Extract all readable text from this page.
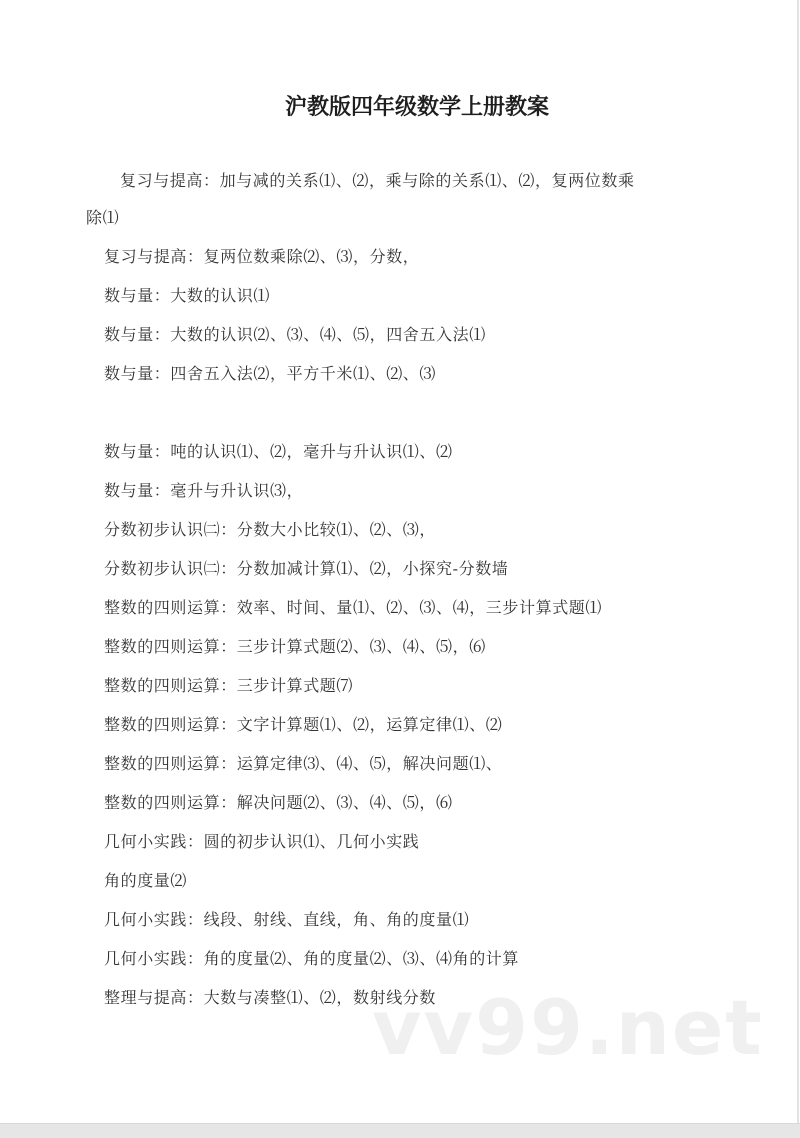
沪教版四年级数学上册教案
复习与提高：加与减的关系⑴、⑵，乘与除的关系⑴、⑵，复两位数乘
除⑴
复习与提高：复两位数乘除⑵、⑶，分数，
数与量：大数的认识⑴
数与量：大数的认识⑵、⑶、⑷、⑸，四舍五入法⑴
数与量：四舍五入法⑵，平方千米⑴、⑵、⑶
数与量：吨的认识⑴、⑵，毫升与升认识⑴、⑵
数与量：毫升与升认识⑶，
分数初步认识㈡：分数大小比较⑴、⑵、⑶，
分数初步认识㈡：分数加减计算⑴、⑵，小探究-分数墙
整数的四则运算：效率、时间、量⑴、⑵、⑶、⑷，三步计算式题⑴
整数的四则运算：三步计算式题⑵、⑶、⑷、⑸，⑹
整数的四则运算：三步计算式题⑺
整数的四则运算：文字计算题⑴、⑵，运算定律⑴、⑵
整数的四则运算：运算定律⑶、⑷、⑸，解决问题⑴、
整数的四则运算：解决问题⑵、⑶、⑷、⑸，⑹
几何小实践：圆的初步认识⑴、几何小实践
角的度量⑵
几何小实践：线段、射线、直线，角、角的度量⑴
几何小实践：角的度量⑵、角的度量⑵、⑶、⑷角的计算
整理与提高：大数与凑整⑴、⑵，数射线分数
vv99.net
